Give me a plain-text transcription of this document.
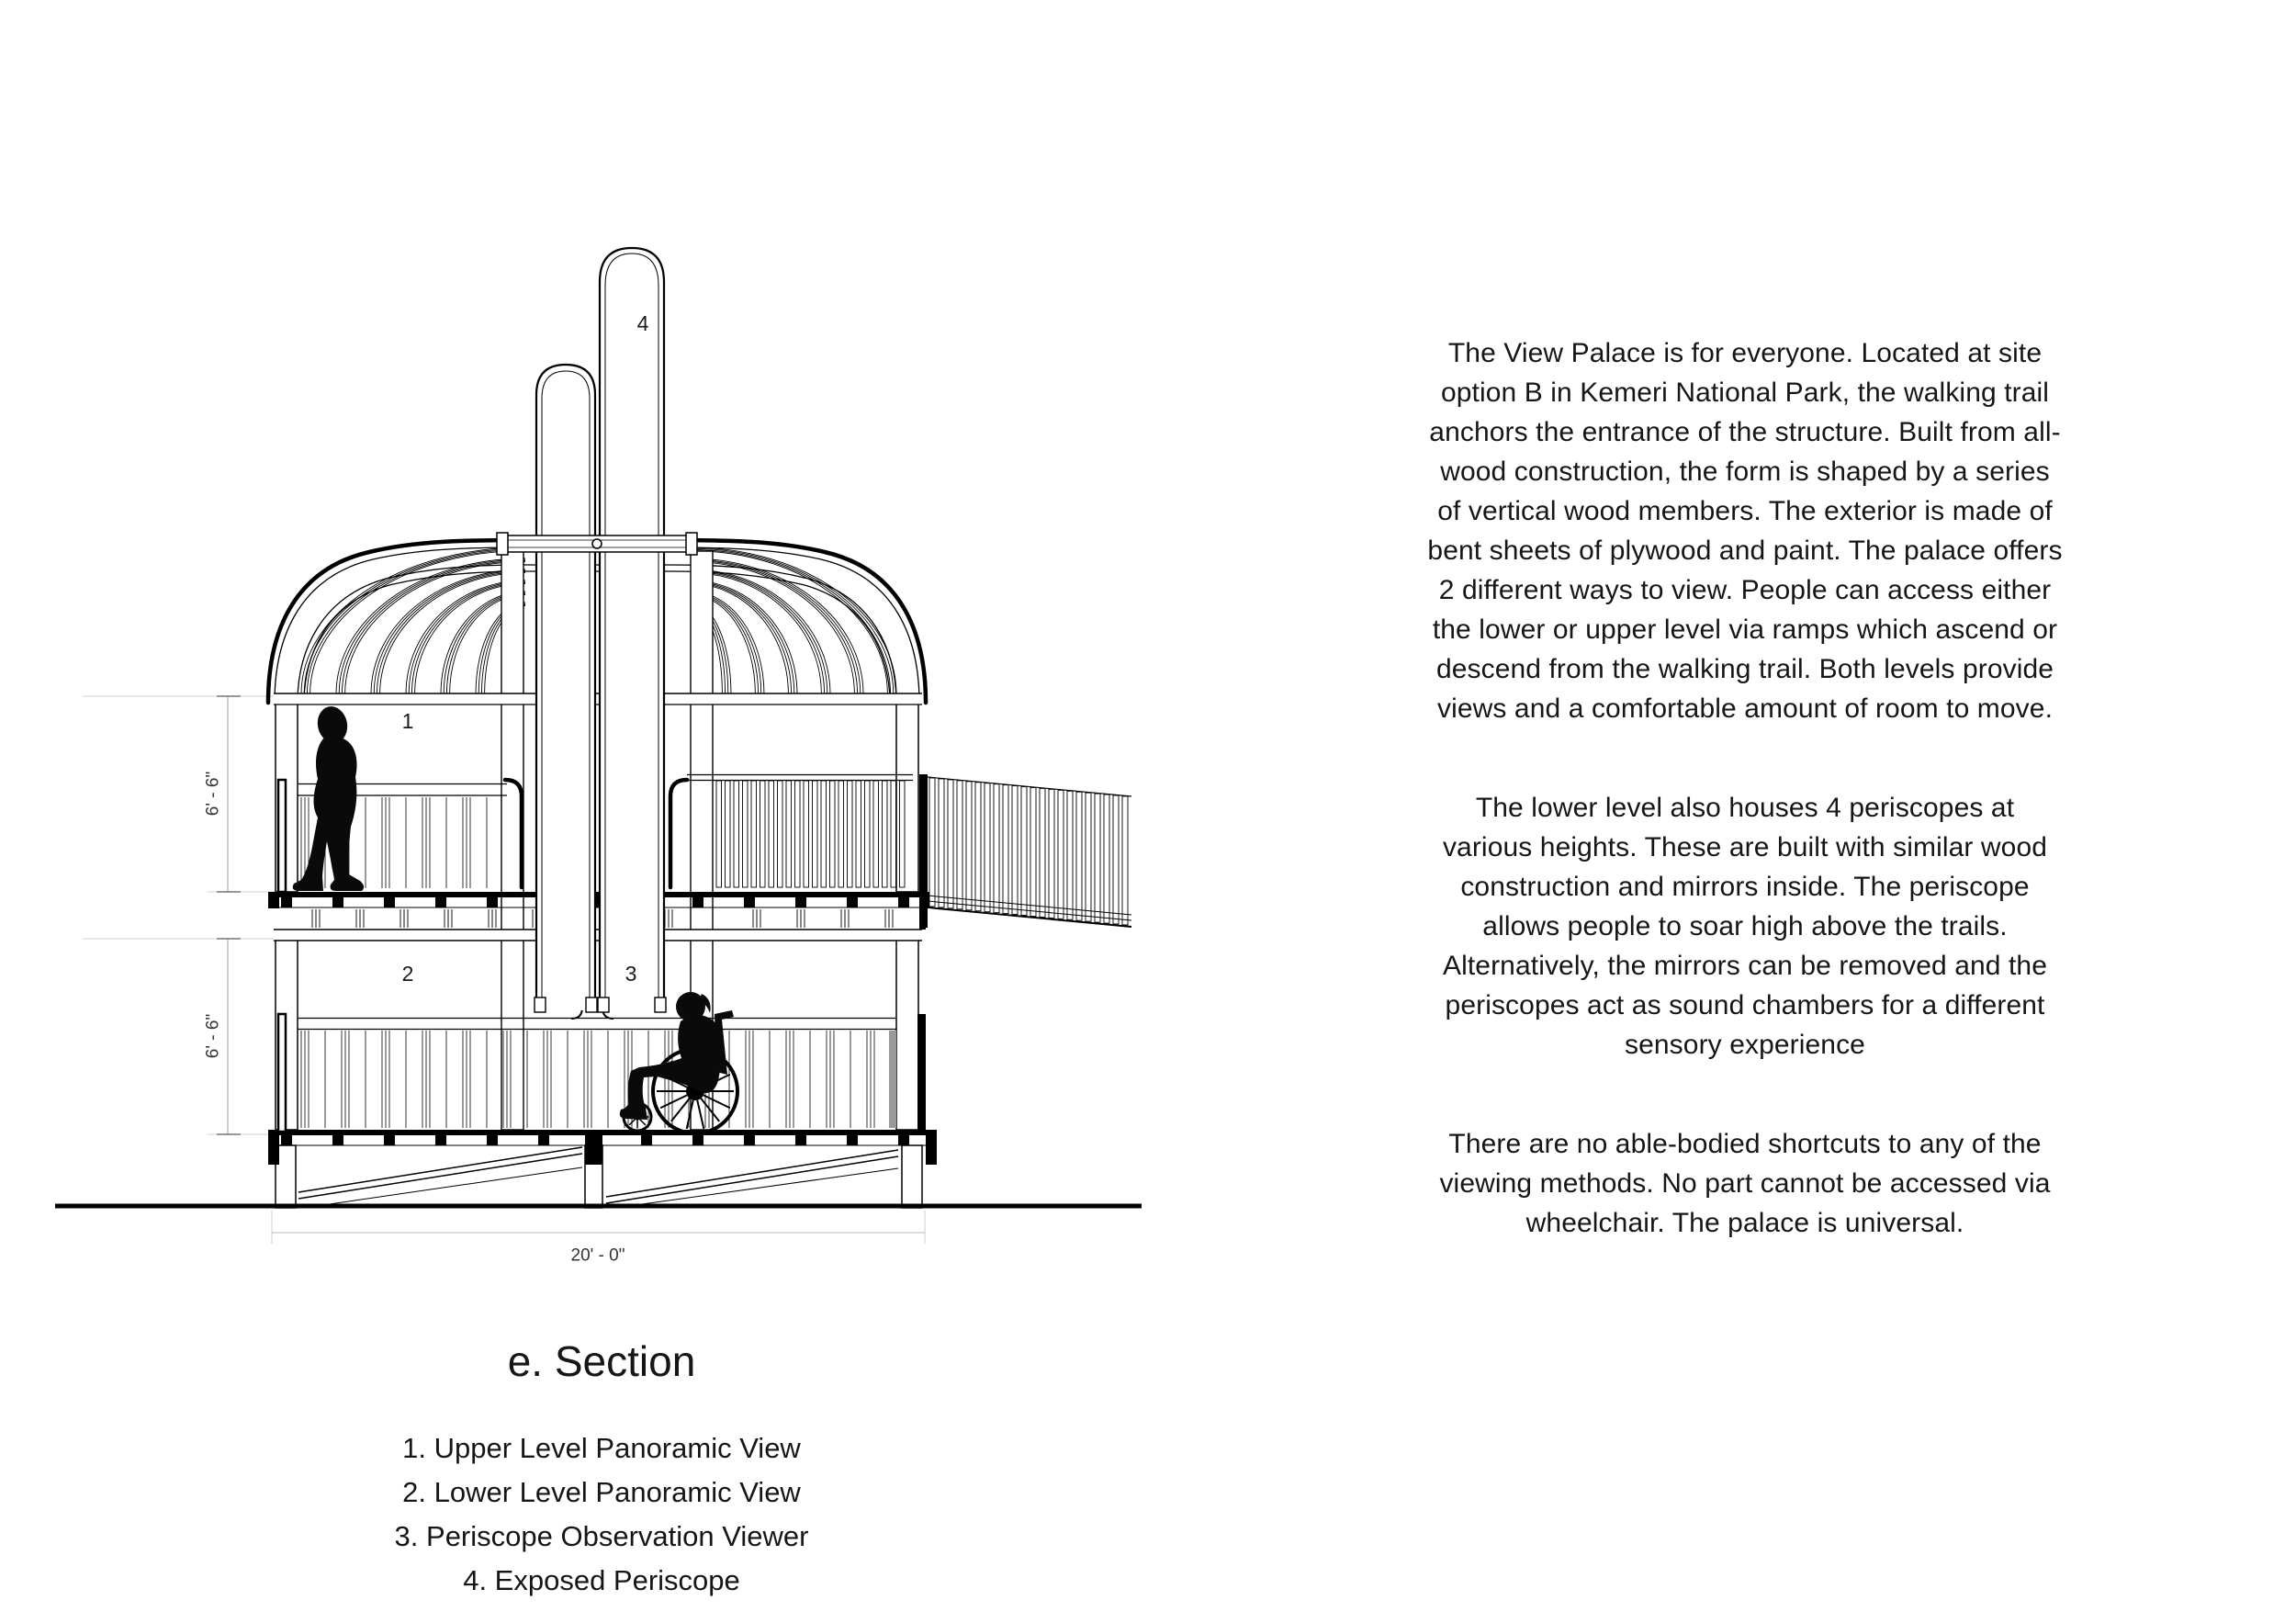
1
2	3
4
6' - 6"
6' - 6"
20' - 0"
The View Palace is for everyone. Located at site
option B in Kemeri National Park, the walking trail
anchors the entrance of the structure. Built from all-
wood construction, the form is shaped by a series
of vertical wood members. The exterior is made of
bent sheets of plywood and paint. The palace offers
2 different ways to view. People can access either
the lower or upper level via ramps which ascend or
descend from the walking trail. Both levels provide
views and a comfortable amount of room to move.
The lower level also houses 4 periscopes at
various heights. These are built with similar wood
construction and mirrors inside. The periscope
allows people to soar high above the trails.
Alternatively, the mirrors can be removed and the
periscopes act as sound chambers for a different
sensory experience
There are no able-bodied shortcuts to any of the
viewing methods. No part cannot be accessed via
wheelchair. The palace is universal.
e. Section
1. Upper Level Panoramic View
2. Lower Level Panoramic View
3. Periscope Observation Viewer
4. Exposed Periscope
